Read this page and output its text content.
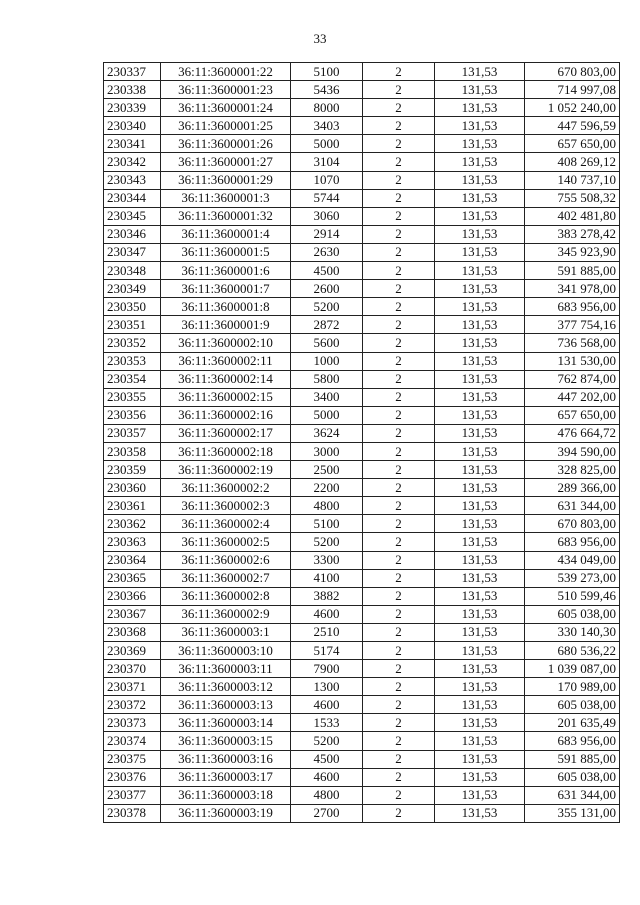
33
230337	36:11:3600001:22	5100	2	131,53	670 803,00
230338	36:11:3600001:23	5436	2	131,53	714 997,08
230339	36:11:3600001:24	8000	2	131,53	1 052 240,00
230340	36:11:3600001:25	3403	2	131,53	447 596,59
230341	36:11:3600001:26	5000	2	131,53	657 650,00
230342	36:11:3600001:27	3104	2	131,53	408 269,12
230343	36:11:3600001:29	1070	2	131,53	140 737,10
230344	36:11:3600001:3	5744	2	131,53	755 508,32
230345	36:11:3600001:32	3060	2	131,53	402 481,80
230346	36:11:3600001:4	2914	2	131,53	383 278,42
230347	36:11:3600001:5	2630	2	131,53	345 923,90
230348	36:11:3600001:6	4500	2	131,53	591 885,00
230349	36:11:3600001:7	2600	2	131,53	341 978,00
230350	36:11:3600001:8	5200	2	131,53	683 956,00
230351	36:11:3600001:9	2872	2	131,53	377 754,16
230352	36:11:3600002:10	5600	2	131,53	736 568,00
230353	36:11:3600002:11	1000	2	131,53	131 530,00
230354	36:11:3600002:14	5800	2	131,53	762 874,00
230355	36:11:3600002:15	3400	2	131,53	447 202,00
230356	36:11:3600002:16	5000	2	131,53	657 650,00
230357	36:11:3600002:17	3624	2	131,53	476 664,72
230358	36:11:3600002:18	3000	2	131,53	394 590,00
230359	36:11:3600002:19	2500	2	131,53	328 825,00
230360	36:11:3600002:2	2200	2	131,53	289 366,00
230361	36:11:3600002:3	4800	2	131,53	631 344,00
230362	36:11:3600002:4	5100	2	131,53	670 803,00
230363	36:11:3600002:5	5200	2	131,53	683 956,00
230364	36:11:3600002:6	3300	2	131,53	434 049,00
230365	36:11:3600002:7	4100	2	131,53	539 273,00
230366	36:11:3600002:8	3882	2	131,53	510 599,46
230367	36:11:3600002:9	4600	2	131,53	605 038,00
230368	36:11:3600003:1	2510	2	131,53	330 140,30
230369	36:11:3600003:10	5174	2	131,53	680 536,22
230370	36:11:3600003:11	7900	2	131,53	1 039 087,00
230371	36:11:3600003:12	1300	2	131,53	170 989,00
230372	36:11:3600003:13	4600	2	131,53	605 038,00
230373	36:11:3600003:14	1533	2	131,53	201 635,49
230374	36:11:3600003:15	5200	2	131,53	683 956,00
230375	36:11:3600003:16	4500	2	131,53	591 885,00
230376	36:11:3600003:17	4600	2	131,53	605 038,00
230377	36:11:3600003:18	4800	2	131,53	631 344,00
230378	36:11:3600003:19	2700	2	131,53	355 131,00
